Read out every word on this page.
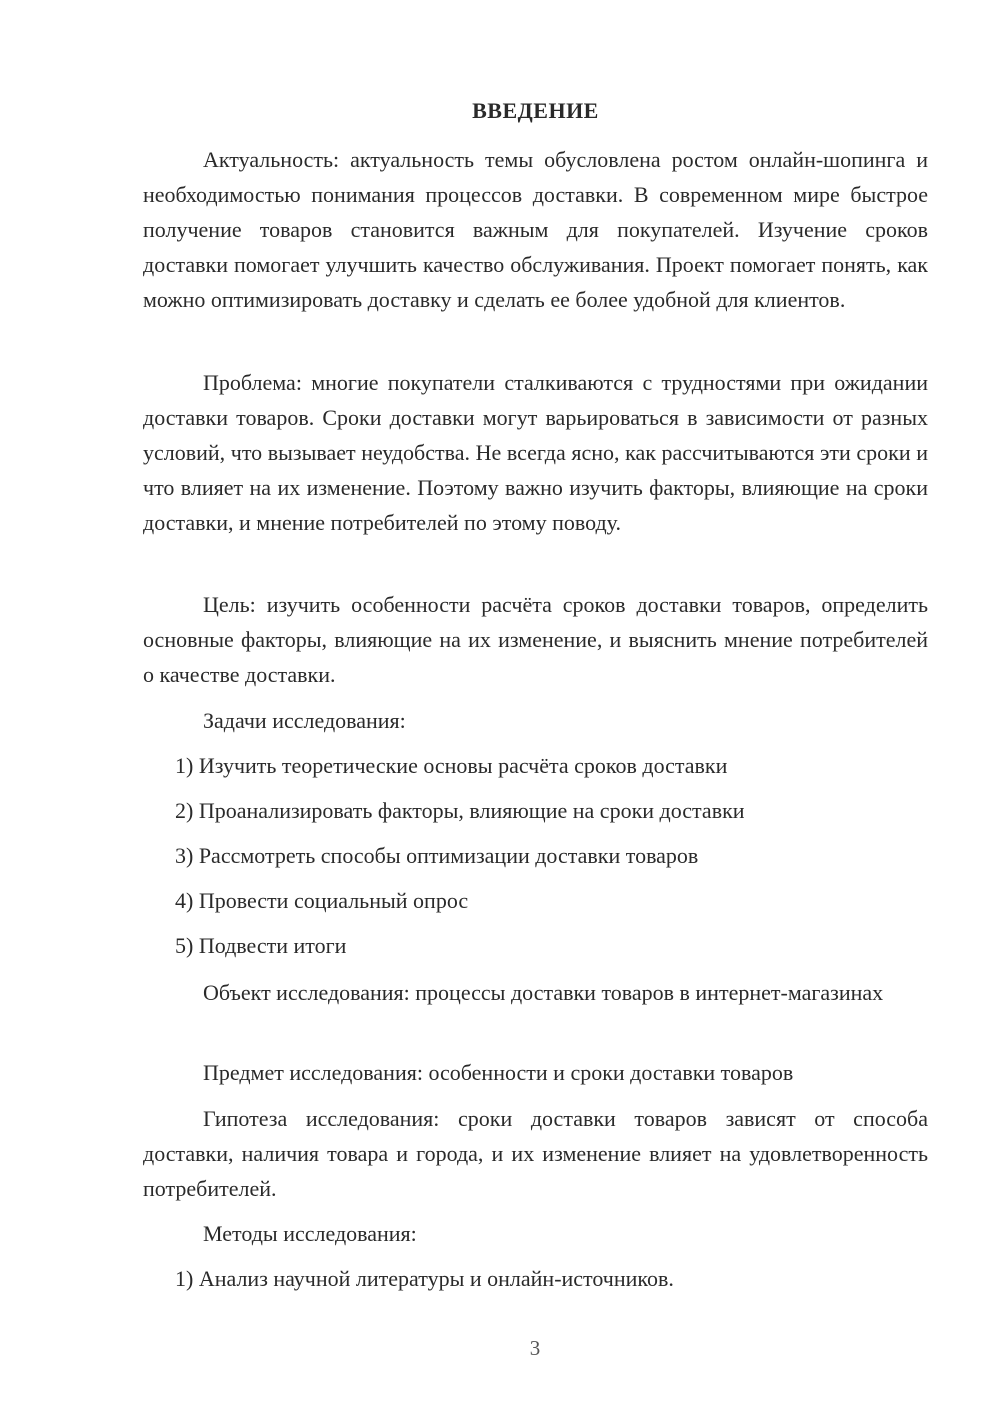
ВВЕДЕНИЕ

Актуальность: актуальность темы обусловлена ростом онлайн-шопинга и необходимостью понимания процессов доставки. В современном мире быстрое получение товаров становится важным для покупателей. Изучение сроков доставки помогает улучшить качество обслуживания. Проект помогает понять, как можно оптимизировать доставку и сделать ее более удобной для клиентов.

Проблема: многие покупатели сталкиваются с трудностями при ожидании доставки товаров. Сроки доставки могут варьироваться в зависимости от разных условий, что вызывает неудобства. Не всегда ясно, как рассчитываются эти сроки и что влияет на их изменение. Поэтому важно изучить факторы, влияющие на сроки доставки, и мнение потребителей по этому поводу.

Цель: изучить особенности расчёта сроков доставки товаров, определить основные факторы, влияющие на их изменение, и выяснить мнение потребителей о качестве доставки.

Задачи исследования:

1) Изучить теоретические основы расчёта сроков доставки

2) Проанализировать факторы, влияющие на сроки доставки

3) Рассмотреть способы оптимизации доставки товаров

4) Провести социальный опрос

5) Подвести итоги

Объект исследования: процессы доставки товаров в интернет-магазинах

Предмет исследования: особенности и сроки доставки товаров

Гипотеза исследования: сроки доставки товаров зависят от способа доставки, наличия товара и города, и их изменение влияет на удовлетворенность потребителей.

Методы исследования:

1) Анализ научной литературы и онлайн-источников.

3
